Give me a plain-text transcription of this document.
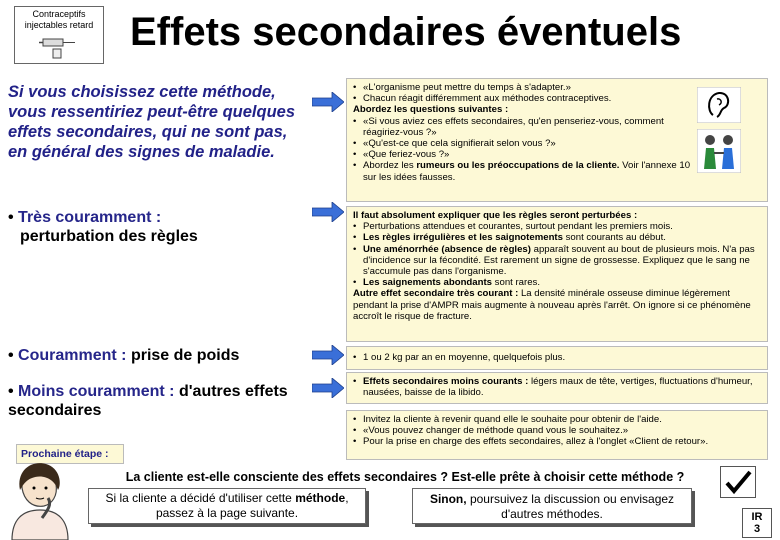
Contraceptifs injectables retard Effets secondaires éventuels
Si vous choisissez cette méthode, vous ressentiriez peut-être quelques effets secondaires, qui ne sont pas, en général des signes de maladie.
• Très couramment :
perturbation des règles
• Couramment : prise de poids
• Moins couramment : d'autres effets secondaires
• «L'organisme peut mettre du temps à s'adapter.»
• Chacun réagit différemment aux méthodes contraceptives.
Abordez les questions suivantes :
• «Si vous aviez ces effets secondaires, qu'en penseriez-vous, comment réagiriez-vous ?»
• «Qu'est-ce que cela signifierait selon vous ?»
• «Que feriez-vous ?»
• Abordez les rumeurs ou les préoccupations de la cliente. Voir l'annexe 10 sur les idées fausses.
Il faut absolument expliquer que les règles seront perturbées :
• Perturbations attendues et courantes, surtout pendant les premiers mois.
• Les règles irrégulières et les saignotements sont courants au début.
• Une aménorrhée (absence de règles) apparaît souvent au bout de plusieurs mois. N'a pas d'incidence sur la fécondité. Est rarement un signe de grossesse. Expliquez que le sang ne s'accumule pas dans l'organisme.
• Les saignements abondants sont rares.
Autre effet secondaire très courant : La densité minérale osseuse diminue légèrement pendant la prise d'AMPR mais augmente à nouveau après l'arrêt. On ignore si ce phénomène accroît le risque de fracture.
• 1 ou 2 kg par an en moyenne, quelquefois plus.
• Effets secondaires moins courants : légers maux de tête, vertiges, fluctuations d'humeur, nausées, baisse de la libido.
• Invitez la cliente à revenir quand elle le souhaite pour obtenir de l'aide.
• «Vous pouvez changer de méthode quand vous le souhaitez.»
• Pour la prise en charge des effets secondaires, allez à l'onglet «Client de retour».
Prochaine étape :
La cliente est-elle consciente des effets secondaires ? Est-elle prête à choisir cette méthode ?
Si la cliente a décidé d'utiliser cette méthode, passez à la page suivante.
Sinon, poursuivez la discussion ou envisagez d'autres méthodes.	IR
3
